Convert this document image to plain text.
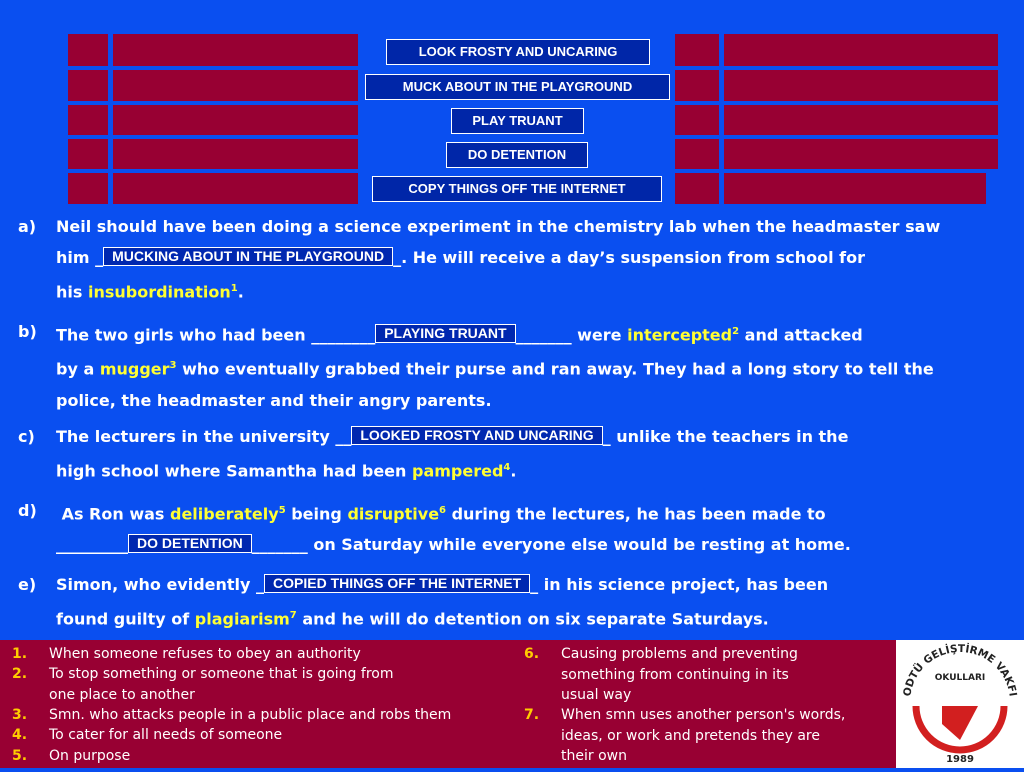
LOOK FROSTY AND UNCARING
MUCK ABOUT IN THE PLAYGROUND
PLAY TRUANT
DO DETENTION
COPY THINGS OFF THE INTERNET
a) Neil should have been doing a science experiment in the chemistry lab when the headmaster saw
him _ MUCKING ABOUT IN THE PLAYGROUND _. He will receive a day’s suspension from school for
his insubordination$^1$.
b) The two girls who had been ________ PLAYING TRUANT _______ were intercepted$^2$ and attacked
by a mugger$^3$ who eventually grabbed their purse and ran away. They had a long story to tell the
police, the headmaster and their angry parents.
c) The lecturers in the university __ LOOKED FROSTY AND UNCARING _ unlike the teachers in the
high school where Samantha had been pampered$^4$.
d) As Ron was deliberately$^5$ being disruptive$^6$ during the lectures, he has been made to
_________ DO DETENTION _______ on Saturday while everyone else would be resting at home.
e) Simon, who evidently _ COPIED THINGS OFF THE INTERNET _ in his science project, has been
found guilty of plagiarism$^7$ and he will do detention on six separate Saturdays.
1. When someone refuses to obey an authority
2. To stop something or someone that is going from
one place to another
3. Smn. who attacks people in a public place and robs them
4. To cater for all needs of someone
5. On purpose
6. Causing problems and preventing
something from continuing in its
usual way
7. When smn uses another person's words,
ideas, or work and pretends they are
their own
ODTÜ GELİŞTİRME VAKFI
OKULLARI
1989
